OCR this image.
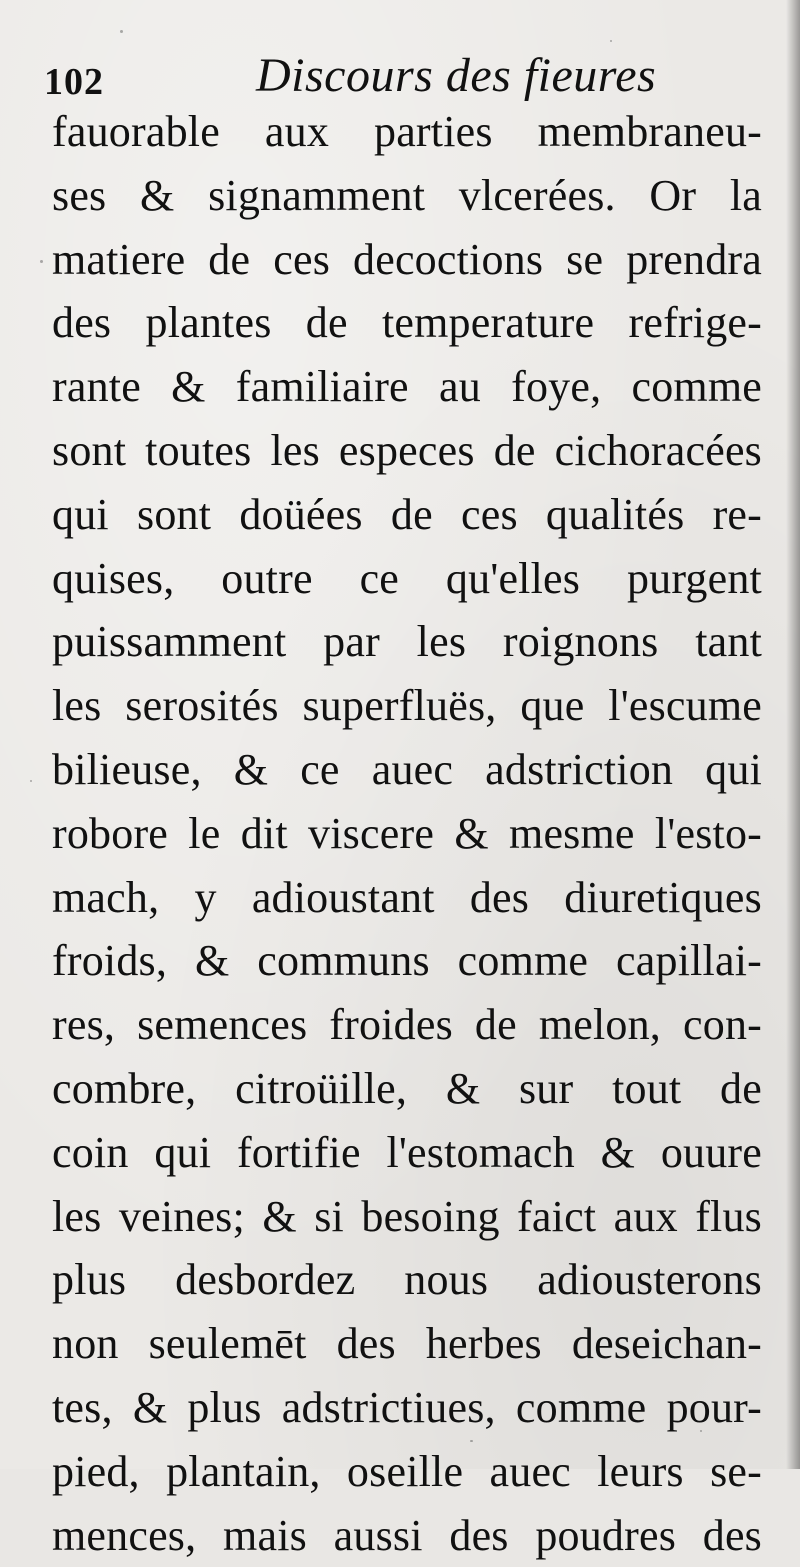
102	Discours des fieures
fauorable aux parties membraneu-
ses & signamment vlcerées. Or la
matiere de ces decoctions se prendra
des plantes de temperature refrige-
rante & familiaire au foye, comme
sont toutes les especes de cichoracées
qui sont doüées de ces qualités re-
quises, outre ce qu'elles purgent
puissamment par les roignons tant
les serosités superfluës, que l'escume
bilieuse, & ce auec adstriction qui
robore le dit viscere & mesme l'esto-
mach, y adioustant des diuretiques
froids, & communs comme capillai-
res, semences froides de melon, con-
combre, citroüille, & sur tout de
coin qui fortifie l'estomach & ouure
les veines; & si besoing faict aux flus
plus desbordez nous adiousterons
non seulemēt des herbes deseichan-
tes, & plus adstrictiues, comme pour-
pied, plantain, oseille auec leurs se-
mences, mais aussi des poudres des
